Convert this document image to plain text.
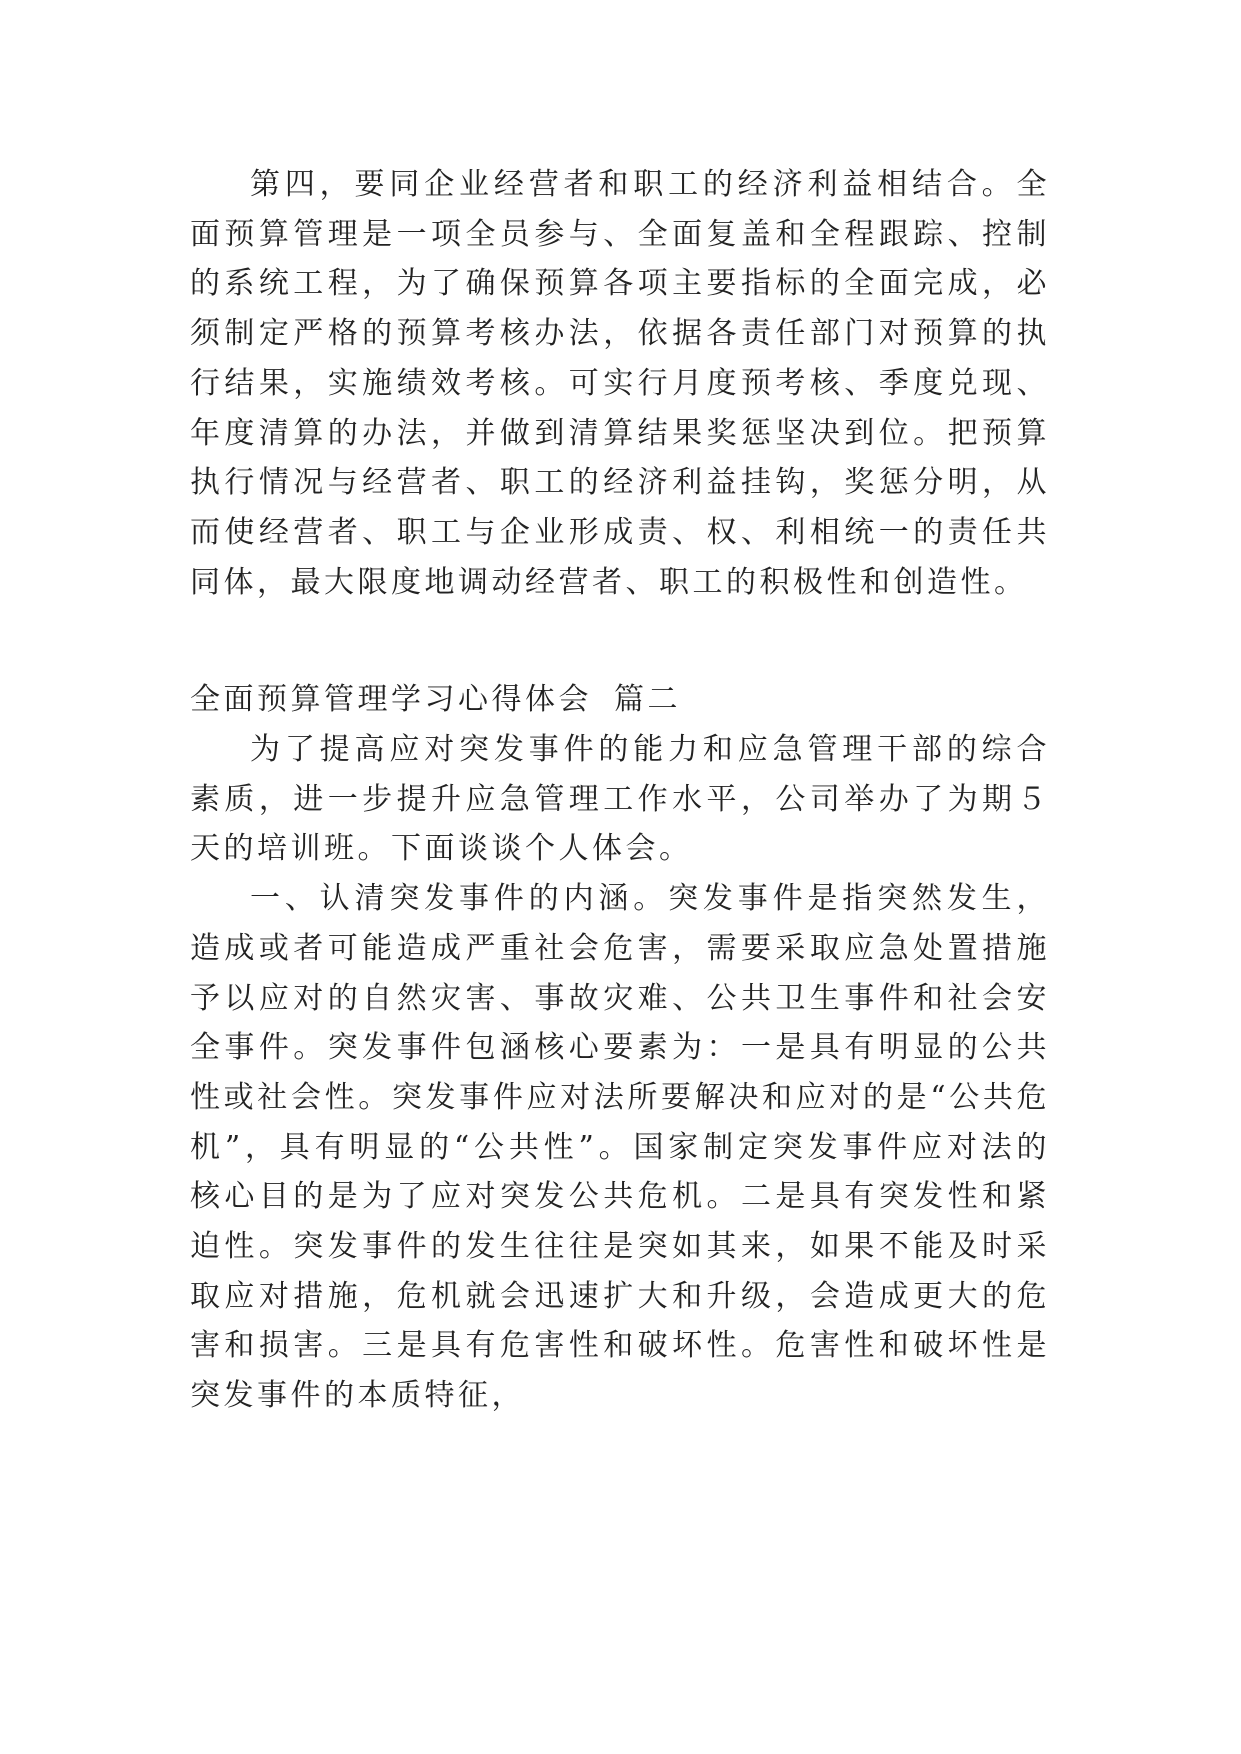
第四，要同企业经营者和职工的经济利益相结合。全面预算管理是一项全员参与、全面复盖和全程跟踪、控制的系统工程，为了确保预算各项主要指标的全面完成，必须制定严格的预算考核办法，依据各责任部门对预算的执行结果，实施绩效考核。可实行月度预考核、季度兑现、年度清算的办法，并做到清算结果奖惩坚决到位。把预算执行情况与经营者、职工的经济利益挂钩，奖惩分明，从而使经营者、职工与企业形成责、权、利相统一的责任共同体，最大限度地调动经营者、职工的积极性和创造性。

全面预算管理学习心得体会 篇二

为了提高应对突发事件的能力和应急管理干部的综合素质，进一步提升应急管理工作水平，公司举办了为期５ 天的培训班。下面谈谈个人体会。

一、认清突发事件的内涵。突发事件是指突然发生，造成或者可能造成严重社会危害，需要采取应急处置措施予以应对的自然灾害、事故灾难、公共卫生事件和社会安全事件。突发事件包涵核心要素为：一是具有明显的公共性或社会性。突发事件应对法所要解决和应对的是“公共危机”，具有明显的“公共性”。国家制定突发事件应对法的核心目的是为了应对突发公共危机。二是具有突发性和紧迫性。突发事件的发生往往是突如其来，如果不能及时采取应对措施，危机就会迅速扩大和升级，会造成更大的危害和损害。三是具有危害性和破坏性。危害性和破坏性是突发事件的本质特征，
